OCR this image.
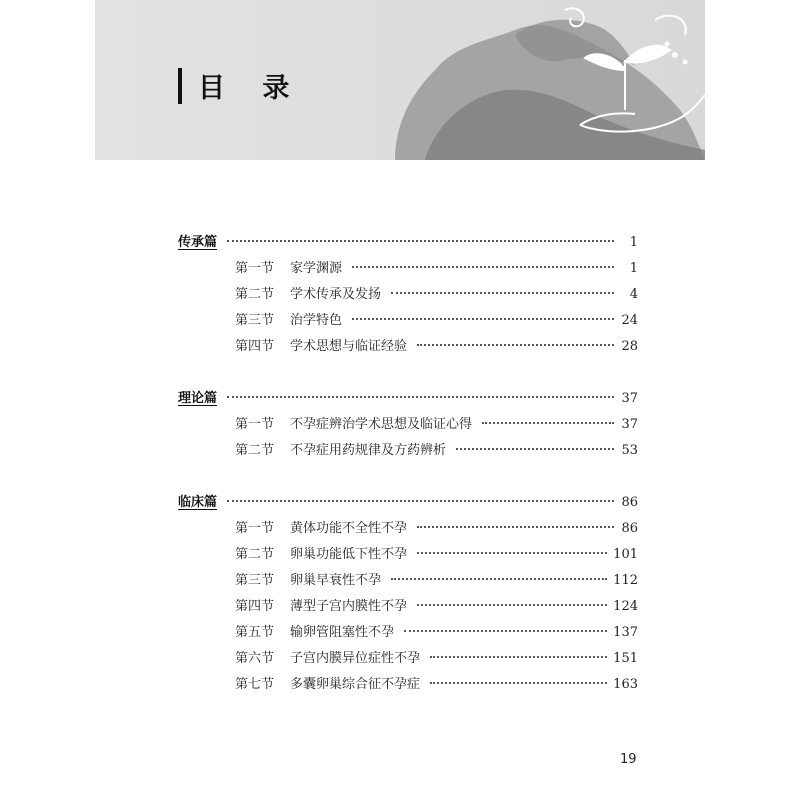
目 录
传承篇	1
第一节 家学渊源	1
第二节 学术传承及发扬	4
第三节 治学特色	24
第四节 学术思想与临证经验	28
理论篇	37
第一节 不孕症辨治学术思想及临证心得	37
第二节 不孕症用药规律及方药辨析	53
临床篇	86
第一节 黄体功能不全性不孕	86
第二节 卵巢功能低下性不孕	101
第三节 卵巢早衰性不孕	112
第四节 薄型子宫内膜性不孕	124
第五节 输卵管阻塞性不孕	137
第六节 子宫内膜异位症性不孕	151
第七节 多囊卵巢综合征不孕症	163
19
